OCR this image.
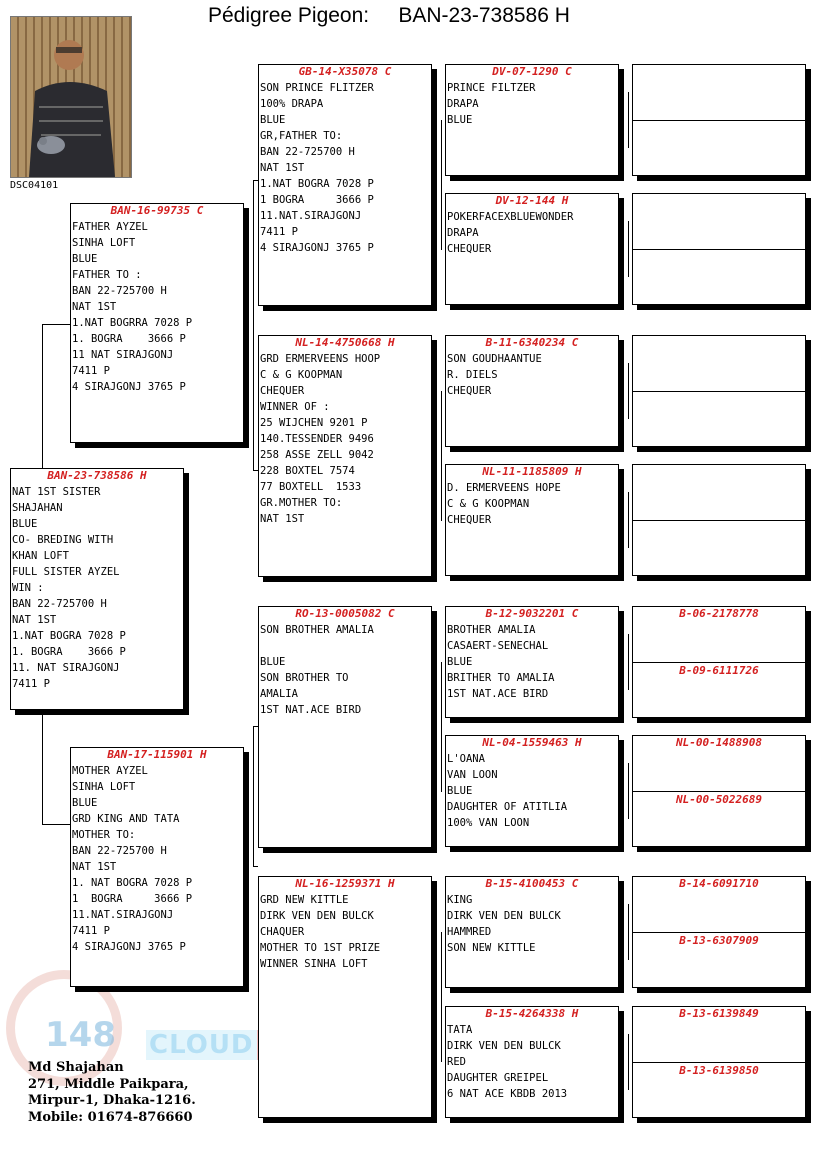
Pédigree Pigeon: BAN-23-738586 H
DSC04101
148 CLOUD
BAN-23-738586 H
NAT 1ST SISTER
SHAJAHAN
BLUE
CO- BREDING WITH
KHAN LOFT
FULL SISTER AYZEL
WIN :
BAN 22-725700 H
NAT 1ST
1.NAT BOGRA 7028 P
1. BOGRA    3666 P
11. NAT SIRAJGONJ
7411 P
BAN-16-99735 C
FATHER AYZEL
SINHA LOFT
BLUE
FATHER TO :
BAN 22-725700 H
NAT 1ST
1.NAT BOGRRA 7028 P
1. BOGRA    3666 P
11 NAT SIRAJGONJ
7411 P
4 SIRAJGONJ 3765 P
BAN-17-115901 H
MOTHER AYZEL
SINHA LOFT
BLUE
GRD KING AND TATA
MOTHER TO:
BAN 22-725700 H
NAT 1ST
1. NAT BOGRA 7028 P
1  BOGRA     3666 P
11.NAT.SIRAJGONJ
7411 P
4 SIRAJGONJ 3765 P
GB-14-X35078 C
SON PRINCE FLITZER
100% DRAPA
BLUE
GR,FATHER TO:
BAN 22-725700 H
NAT 1ST
1.NAT BOGRA 7028 P
1 BOGRA     3666 P
11.NAT.SIRAJGONJ
7411 P
4 SIRAJGONJ 3765 P
NL-14-4750668 H
GRD ERMERVEENS HOOP
C & G KOOPMAN
CHEQUER
WINNER OF :
25 WIJCHEN 9201 P
140.TESSENDER 9496
258 ASSE ZELL 9042
228 BOXTEL 7574
77 BOXTELL  1533
GR.MOTHER TO:
NAT 1ST
RO-13-0005082 C
SON BROTHER AMALIA

BLUE
SON BROTHER TO
AMALIA
1ST NAT.ACE BIRD
NL-16-1259371 H
GRD NEW KITTLE
DIRK VEN DEN BULCK
CHAQUER
MOTHER TO 1ST PRIZE
WINNER SINHA LOFT
DV-07-1290 C
PRINCE FILTZER
DRAPA
BLUE
DV-12-144 H
POKERFACEXBLUEWONDER
DRAPA
CHEQUER
B-11-6340234 C
SON GOUDHAANTUE
R. DIELS
CHEQUER
NL-11-1185809 H
D. ERMERVEENS HOPE
C & G KOOPMAN
CHEQUER
B-12-9032201 C
BROTHER AMALIA
CASAERT-SENECHAL
BLUE
BRITHER TO AMALIA
1ST NAT.ACE BIRD
NL-04-1559463 H
L'OANA
VAN LOON
BLUE
DAUGHTER OF ATITLIA
100% VAN LOON
B-15-4100453 C
KING
DIRK VEN DEN BULCK
HAMMRED
SON NEW KITTLE
B-15-4264338 H
TATA
DIRK VEN DEN BULCK
RED
DAUGHTER GREIPEL
6 NAT ACE KBDB 2013
B-06-2178778
B-09-6111726
NL-00-1488908
NL-00-5022689
B-14-6091710
B-13-6307909
B-13-6139849
B-13-6139850
Md Shajahan
271, Middle Paikpara,
Mirpur-1, Dhaka-1216.
Mobile: 01674-876660
